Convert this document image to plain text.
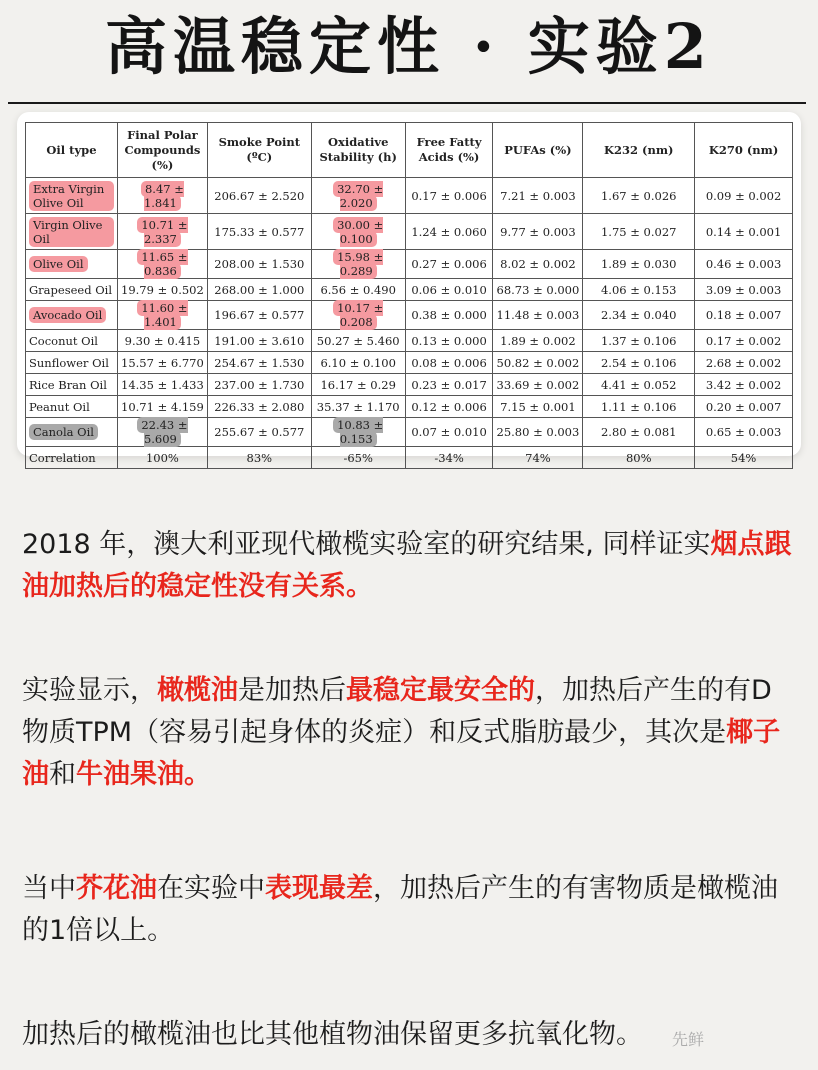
高温稳定性 · 实验2
Oil type	Final Polar Compounds (%)	Smoke Point (ºC)	Oxidative Stability (h)	Free Fatty Acids (%)	PUFAs (%)	K232 (nm)	K270 (nm)
Extra Virgin Olive Oil	8.47 ± 1.841	206.67 ± 2.520	32.70 ± 2.020	0.17 ± 0.006	7.21 ± 0.003	1.67 ± 0.026	0.09 ± 0.002
Virgin Olive Oil	10.71 ± 2.337	175.33 ± 0.577	30.00 ± 0.100	1.24 ± 0.060	9.77 ± 0.003	1.75 ± 0.027	0.14 ± 0.001
Olive Oil	11.65 ± 0.836	208.00 ± 1.530	15.98 ± 0.289	0.27 ± 0.006	8.02 ± 0.002	1.89 ± 0.030	0.46 ± 0.003
Grapeseed Oil	19.79 ± 0.502	268.00 ± 1.000	6.56 ± 0.490	0.06 ± 0.010	68.73 ± 0.000	4.06 ± 0.153	3.09 ± 0.003
Avocado Oil	11.60 ± 1.401	196.67 ± 0.577	10.17 ± 0.208	0.38 ± 0.000	11.48 ± 0.003	2.34 ± 0.040	0.18 ± 0.007
Coconut Oil	9.30 ± 0.415	191.00 ± 3.610	50.27 ± 5.460	0.13 ± 0.000	1.89 ± 0.002	1.37 ± 0.106	0.17 ± 0.002
Sunflower Oil	15.57 ± 6.770	254.67 ± 1.530	6.10 ± 0.100	0.08 ± 0.006	50.82 ± 0.002	2.54 ± 0.106	2.68 ± 0.002
Rice Bran Oil	14.35 ± 1.433	237.00 ± 1.730	16.17 ± 0.29	0.23 ± 0.017	33.69 ± 0.002	4.41 ± 0.052	3.42 ± 0.002
Peanut Oil	10.71 ± 4.159	226.33 ± 2.080	35.37 ± 1.170	0.12 ± 0.006	7.15 ± 0.001	1.11 ± 0.106	0.20 ± 0.007
Canola Oil	22.43 ± 5.609	255.67 ± 0.577	10.83 ± 0.153	0.07 ± 0.010	25.80 ± 0.003	2.80 ± 0.081	0.65 ± 0.003
Correlation	100%	83%	-65%	-34%	74%	80%	54%
2018 年，澳大利亚现代橄榄实验室的研究结果, 同样证实烟点跟油加热后的稳定性没有关系。
实验显示，橄榄油是加热后最稳定最安全的，加热后产生的有D 物质TPM（容易引起身体的炎症）和反式脂肪最少，其次是椰子油和牛油果油。
当中芥花油在实验中表现最差，加热后产生的有害物质是橄榄油的1倍以上。
加热后的橄榄油也比其他植物油保留更多抗氧化物。	先鲜
